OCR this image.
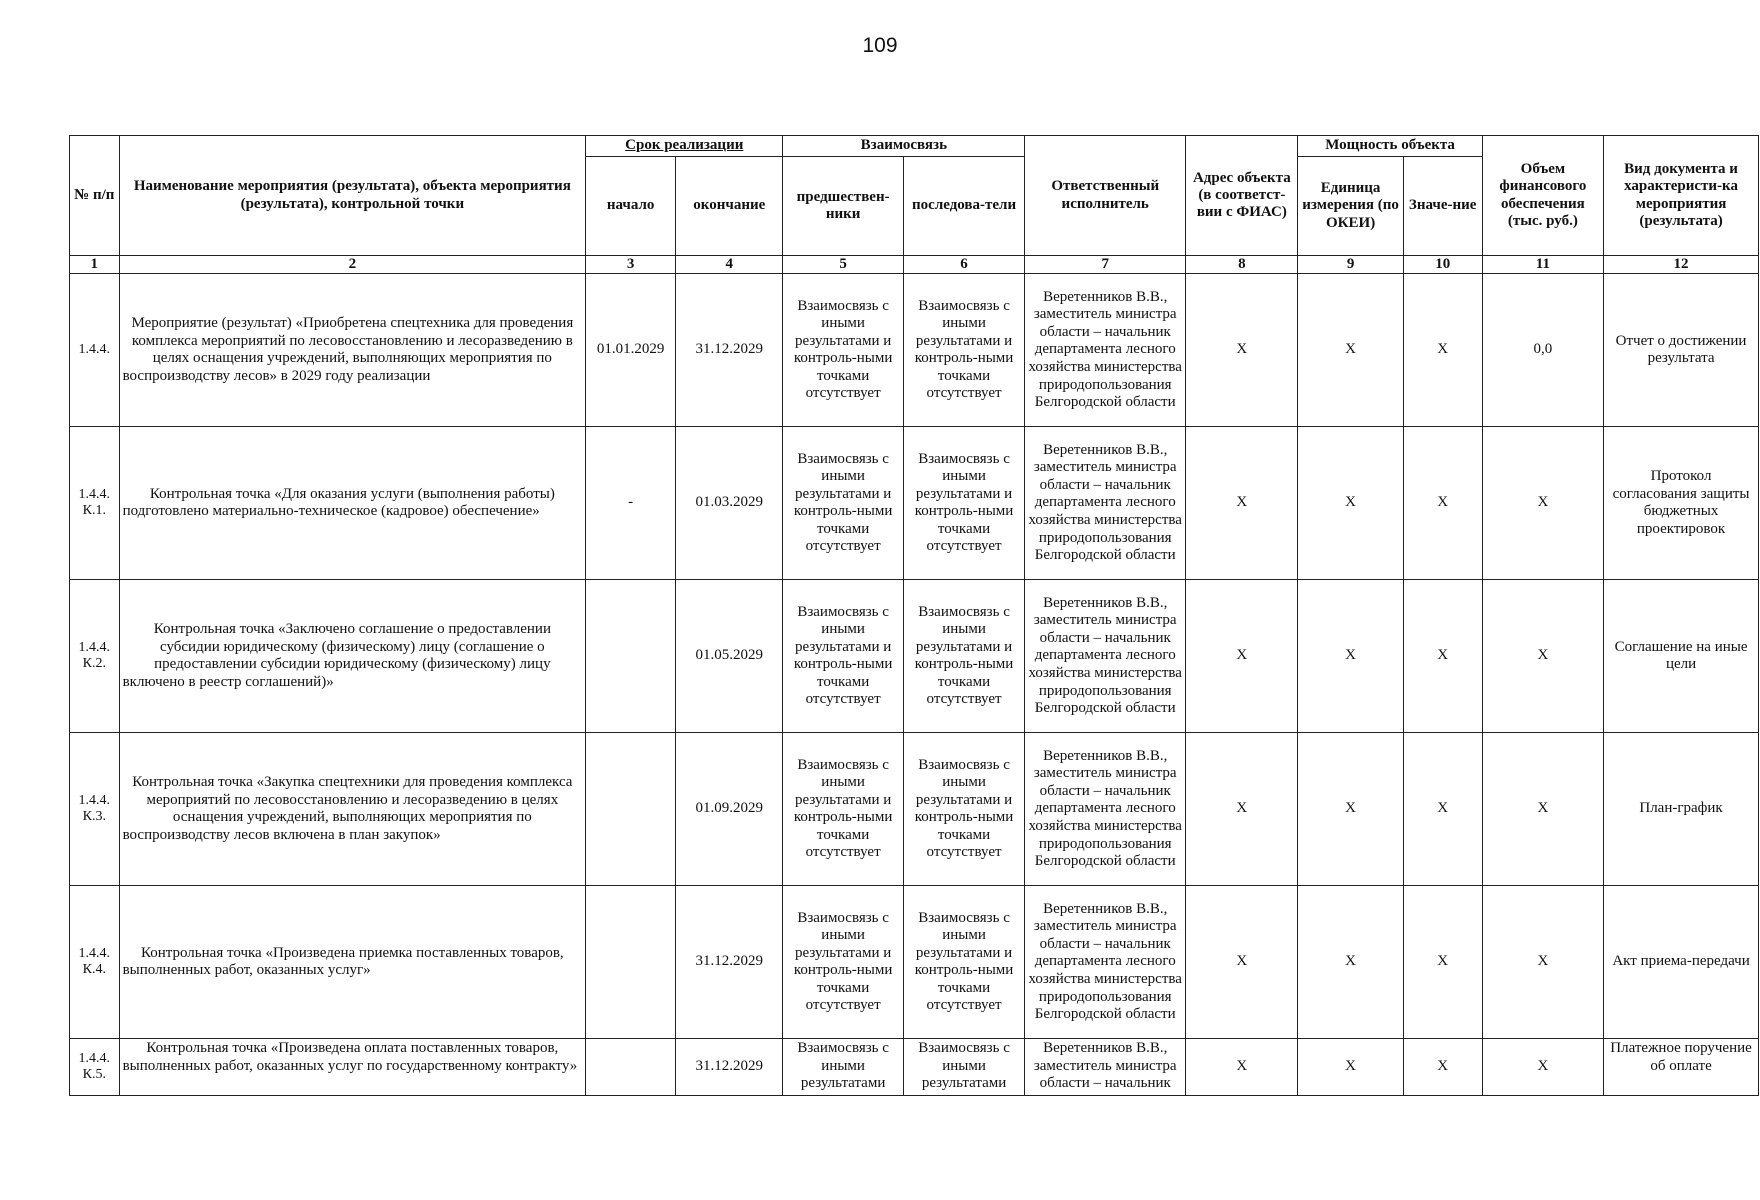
109
№ п/п	Наименование мероприятия (результата), объекта мероприятия (результата), контрольной точки	Срок реализации		Взаимосвязь		Ответственный исполнитель	Адрес объекта (в соответст-вии с ФИАС)	Мощность объекта		Объем финансового обеспечения (тыс. руб.)	Вид документа и характеристи-ка мероприятия (результата)
		начало	окончание	предшествен-ники	последова-тели			Единица измерения (по ОКЕИ)	Значе-ние		
1	2	3	4	5	6	7	8	9	10	11	12
1.4.4.	Мероприятие (результат) «Приобретена спецтехника для проведения комплекса мероприятий по лесовосстановлению и лесоразведению в целях оснащения учреждений, выполняющих мероприятия по воспроизводству лесов» в 2029 году реализации	01.01.2029	31.12.2029	Взаимосвязь с иными результатами и контроль-ными точками отсутствует	Взаимосвязь с иными результатами и контроль-ными точками отсутствует	Веретенников В.В., заместитель министра области – начальник департамента лесного хозяйства министерства природопользования Белгородской области	X	X	X	0,0	Отчет о достижении результата
1.4.4. К.1.	Контрольная точка «Для оказания услуги (выполнения работы) подготовлено материально-техническое (кадровое) обеспечение»	-	01.03.2029	Взаимосвязь с иными результатами и контроль-ными точками отсутствует	Взаимосвязь с иными результатами и контроль-ными точками отсутствует	Веретенников В.В., заместитель министра области – начальник департамента лесного хозяйства министерства природопользования Белгородской области	X	X	X	X	Протокол согласования защиты бюджетных проектировок
1.4.4. К.2.	Контрольная точка «Заключено соглашение о предоставлении субсидии юридическому (физическому) лицу (соглашение о предоставлении субсидии юридическому (физическому) лицу включено в реестр соглашений)»		01.05.2029	Взаимосвязь с иными результатами и контроль-ными точками отсутствует	Взаимосвязь с иными результатами и контроль-ными точками отсутствует	Веретенников В.В., заместитель министра области – начальник департамента лесного хозяйства министерства природопользования Белгородской области	X	X	X	X	Соглашение на иные цели
1.4.4. К.3.	Контрольная точка «Закупка спецтехники для проведения комплекса мероприятий по лесовосстановлению и лесоразведению в целях оснащения учреждений, выполняющих мероприятия по воспроизводству лесов включена в план закупок»		01.09.2029	Взаимосвязь с иными результатами и контроль-ными точками отсутствует	Взаимосвязь с иными результатами и контроль-ными точками отсутствует	Веретенников В.В., заместитель министра области – начальник департамента лесного хозяйства министерства природопользования Белгородской области	X	X	X	X	План-график
1.4.4. К.4.	Контрольная точка «Произведена приемка поставленных товаров, выполненных работ, оказанных услуг»		31.12.2029	Взаимосвязь с иными результатами и контроль-ными точками отсутствует	Взаимосвязь с иными результатами и контроль-ными точками отсутствует	Веретенников В.В., заместитель министра области – начальник департамента лесного хозяйства министерства природопользования Белгородской области	X	X	X	X	Акт приема-передачи
1.4.4. К.5.	Контрольная точка «Произведена оплата поставленных товаров, выполненных работ, оказанных услуг по государственному контракту»		31.12.2029	Взаимосвязь с иными результатами	Взаимосвязь с иными результатами	Веретенников В.В., заместитель министра области – начальник	X	X	X	X	Платежное поручение об оплате
